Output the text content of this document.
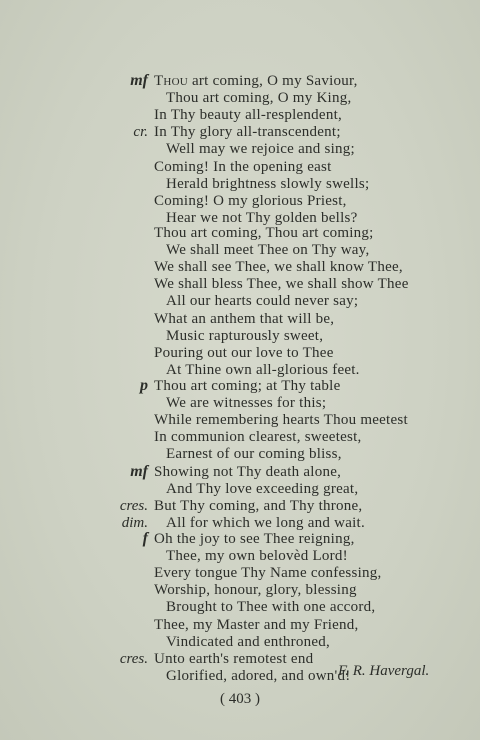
mf Thou art coming, O my Saviour,
Thou art coming, O my King,
In Thy beauty all-resplendent,
cr. In Thy glory all-transcendent;
Well may we rejoice and sing;
Coming! In the opening east
Herald brightness slowly swells;
Coming! O my glorious Priest,
Hear we not Thy golden bells?
Thou art coming, Thou art coming;
We shall meet Thee on Thy way,
We shall see Thee, we shall know Thee,
We shall bless Thee, we shall show Thee
All our hearts could never say;
What an anthem that will be,
Music rapturously sweet,
Pouring out our love to Thee
At Thine own all-glorious feet.
p Thou art coming; at Thy table
We are witnesses for this;
While remembering hearts Thou meetest
In communion clearest, sweetest,
Earnest of our coming bliss,
mf Showing not Thy death alone,
And Thy love exceeding great,
cres. But Thy coming, and Thy throne,
dim. All for which we long and wait.
f Oh the joy to see Thee reigning,
Thee, my own belovèd Lord!
Every tongue Thy Name confessing,
Worship, honour, glory, blessing
Brought to Thee with one accord,
Thee, my Master and my Friend,
Vindicated and enthroned,
cres. Unto earth's remotest end
Glorified, adored, and own'd!
F. R. Havergal.
( 403 )
